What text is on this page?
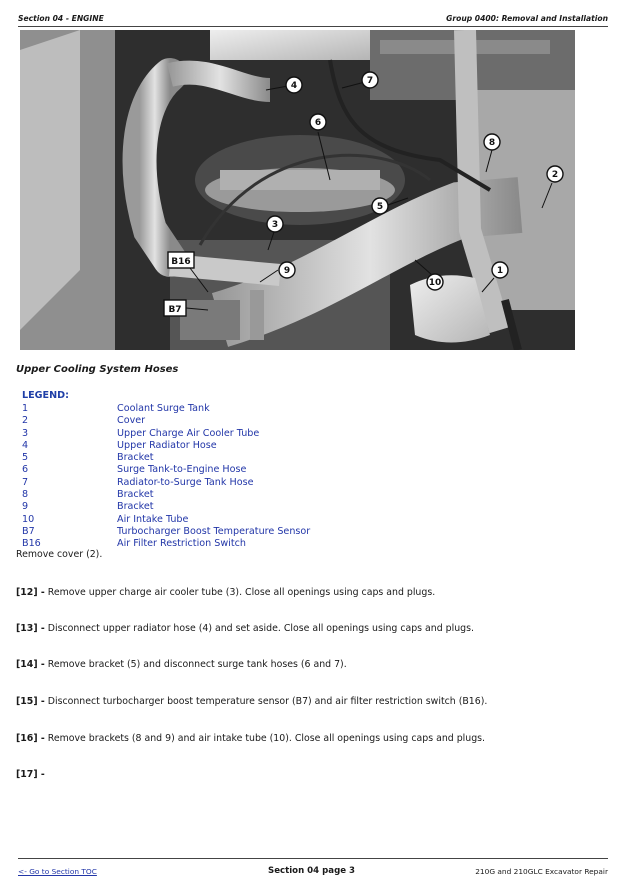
Section 04 - ENGINE	Group 0400: Removal and Installation
4	7
6
8
2
5
3
B16
9
10
1
B7
Upper Cooling System Hoses
LEGEND:
1	Coolant Surge Tank
2	Cover
3	Upper Charge Air Cooler Tube
4	Upper Radiator Hose
5	Bracket
6	Surge Tank-to-Engine Hose
7	Radiator-to-Surge Tank Hose
8	Bracket
9	Bracket
10	Air Intake Tube
B7	Turbocharger Boost Temperature Sensor
B16	Air Filter Restriction Switch
Remove cover (2).
[12] - Remove upper charge air cooler tube (3). Close all openings using caps and plugs.
[13] - Disconnect upper radiator hose (4) and set aside. Close all openings using caps and plugs.
[14] - Remove bracket (5) and disconnect surge tank hoses (6 and 7).
[15] - Disconnect turbocharger boost temperature sensor (B7) and air filter restriction switch (B16).
[16] - Remove brackets (8 and 9) and air intake tube (10). Close all openings using caps and plugs.
[17] -
<- Go to Section TOC	Section 04 page 3	210G and 210GLC Excavator Repair
